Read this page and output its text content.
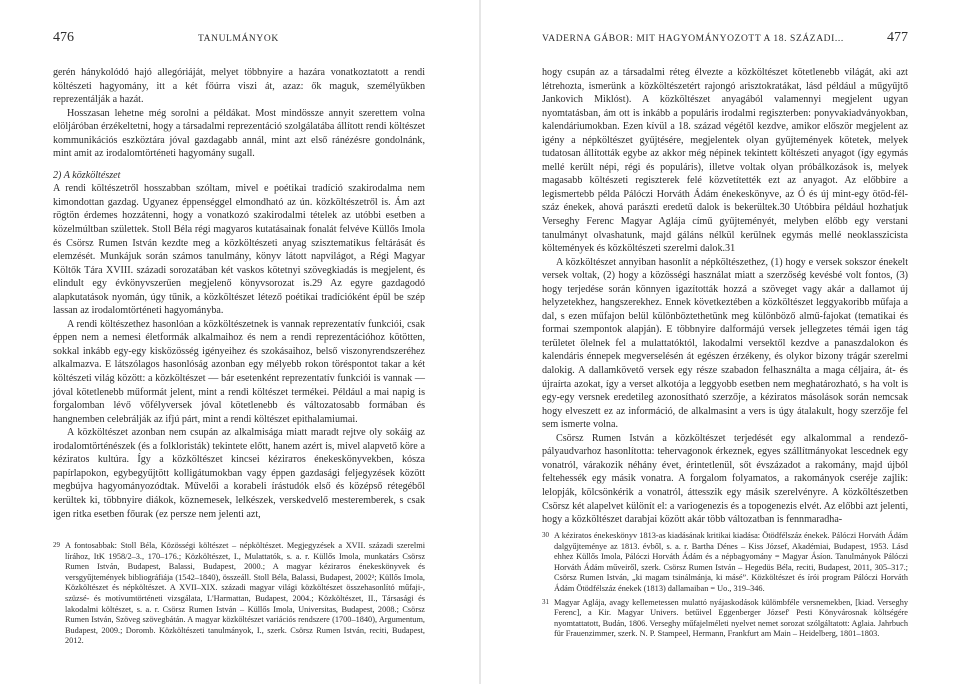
476	TANULMÁNYOK

gerén hánykolódó hajó allegóriáját, melyet többnyire a hazára vonatkoztatott a rendi költészeti hagyomány, itt a két főúrra viszi át, azaz: ők maguk, személyükben reprezentálják a hazát.

Hosszasan lehetne még sorolni a példákat. Most mindössze annyit szerettem volna elöljáróban érzékeltetni, hogy a társadalmi reprezentáció szolgálatába állított rendi költészet kommunikációs eszköztára jóval gazdagabb annál, mint azt első ránézésre gondolnánk, mint amit az irodalomtörténeti hagyomány sugall.

2) A közköltészet

A rendi költészetről hosszabban szóltam, mivel e poétikai tradíció szakirodalma nem kimondottan gazdag. Ugyanez éppenséggel elmondható az ún. közköltészetről is. Ám azt rögtön érdemes hozzátenni, hogy a vonatkozó szakirodalmi tételek az utóbbi esetben a közelmúltban születtek. Stoll Béla régi magyaros kutatásainak fonalát felvéve Küllős Imola és Csörsz Rumen István kezdte meg a közköltészeti anyag szisztematikus feltárását és elemzését. Munkájuk során számos tanulmány, könyv látott napvilágot, a Régi Magyar Költők Tára XVIII. századi sorozatában két vaskos kötetnyi szövegkiadás is megjelent, és elindult egy évkönyvszerűen megjelenő könyvsorozat is.29 Az egyre gazdagodó alapkutatások nyomán, úgy tűnik, a közköltészet létező poétikai tradícióként épül be szép lassan az irodalomtörténeti hagyományba.

A rendi költészethez hasonlóan a közköltészetnek is vannak reprezentatív funkciói, csak éppen nem a nemesi életformák alkalmaihoz és nem a rendi reprezentációhoz kötötten, sokkal inkább egy-egy kisközösség igényeihez és szokásaihoz, belső viszonyrendszeréhez alkalmazva. E látszólagos hasonlóság azonban egy mélyebb rokon töréspontot takar a két költészeti világ között: a közköltészet — bár esetenként reprezentatív funkciói is vannak — jóval kötetlenebb műformát jelent, mint a rendi költészet termékei. Például a mai napig is forgalomban lévő vőfélyversek jóval kötetlenebb és változatosabb formában és hangnemben celebrálják az ifjú párt, mint a rendi költészet epithalamiumai.

A közköltészet azonban nem csupán az alkalmisága miatt maradt rejtve oly sokáig az irodalomtörténészek (és a folkloristák) tekintete előtt, hanem azért is, mivel alapvető köre a kéziratos kultúra. Így a közköltészet kincsei kézirатos énekeskönyvekben, kósza papírlapokon, egybegyűjtött kolligátumokban vagy éppen gazdasági feljegyzések között megbújva hagyományozódtak. Művelői a korabeli írástudók első és középső rétegéből kerültek ki, többnyire diákok, köznemesek, lelkészek, verskedvelő mesteremberek, s csak igen ritka esetben főurak (ez persze nem jelenti azt,

29 A fontosabbak: Stoll Béla, Közösségi költészet – népköltészet. Megjegyzések a XVII. századi szerelmi lírához, ItK 1958/2–3., 170–176.; Közköltészet, I., Mulattatók, s. a. r. Küllős Imola, munkatárs Csörsz Rumen István, Budapest, Balassi, Budapest, 2000.; A magyar kézirатos énekeskönyvek és versgyűjtemények bibliográfiája (1542–1840), összeáll. Stoll Béla, Balassi, Budapest, 2002²; Küllős Imola, Közköltészet és népköltészet. A XVII–XIX. századi magyar világi közköltészet összehasonlító műfaji-, szüzsé- és motívumtörténeti vizsgálata, L'Harmattan, Budapest, 2004.; Közköltészet, II., Társasági és lakodalmi költészet, s. a. r. Csörsz Rumen István – Küllős Imola, Universitas, Budapest, 2008.; Csörsz Rumen István, Szöveg szövegbátán. A magyar közköltészet variációs rendszere (1700–1840), Argumentum, Budapest, 2009.; Doromb. Közköltészeti tanulmányok, I., szerk. Csörsz Rumen István, reciti, Budapest, 2012.

VADERNA GÁBOR: MIT HAGYOMÁNYOZOTT A 18. SZÁZADI...	477

hogy csupán az a társadalmi réteg élvezte a közköltészet kötetlenebb világát, aki azt létrehozta, ismerünk a közköltészetért rajongó arisztokratákat, lásd például a műgyűjtő Jankovich Miklóst). A közköltészet anyagából valamennyi megjelent ugyan nyomtatásban, ám ott is inkább a populáris irodalmi regiszterben: ponyvakiadványokban, kalendáriumokban. Ezen kívül a 18. század végétől kezdve, amikor először megjelent az igény a népköltészet gyűjtésére, megjelentek olyan gyűjtemények kötetek, melyek tudatosan állították egybe az akkor még népinek tekintett költészeti anyagot (így egymás mellé került népi, régi és populáris), illetve voltak olyan próbálkozások is, melyek magasabb költészeti regiszterek felé közvetítették ezt az anyagot. Az előbbire a legismertebb példa Pálóczi Horváth Ádám énekeskönyve, az Ó és új mint-egy ötöd-fél-száz énekek, ahová parászti eredetű dalok is bekerültek.30 Utóbbira például hozhatjuk Verseghy Ferenc Magyar Aglája című gyűjteményét, melyben előbb egy verstani tanulmányt olvashatunk, majd gáláns nélkül kerülnek egymás mellé neoklasszicista költemények és közköltészeti szerelmi dalok.31

A közköltészet annyiban hasonlít a népköltészethez, (1) hogy e versek sokszor énekelt versek voltak, (2) hogy a közösségi használat miatt a szerzőség kevésbé volt fontos, (3) hogy terjedése során könnyen igazították hozzá a szöveget vagy akár a dallamot új helyzetekhez, hangszerekhez. Ennek következtében a közköltészet leggyakoribb műfaja a dal, s ezen műfajon belül különböztethetünk meg különböző almű-fajokat (tematikai és formai szempontok alapján). E többnyire dalformájú versek jellegzetes témái igen tág területet ölelnek fel a mulattatóktól, lakodalmi versektől kezdve a panaszdalokon és kalendáris énnepek megverselésén át egészen érzékeny, és olykor bizony trágár szerelmi dalokig. A dallamkövető versek egy része szabadon felhasználta a maga céljaira, át- és újraírta azokat, így a verset alkotója a leggyobb esetben nem meghatározható, s ha volt is egy-egy versnek eredetileg azonosítható szerzője, a kéziratos másolások során nemcsak hogy elveszett ez az információ, de alkalmasint a vers is úgy átalakult, hogy szerzője fel sem ismerte volna.

Csörsz Rumen István a közköltészet terjedését egy alkalommal a rendező-pályaudvarhoz hasonlította: tehervagonok érkeznek, egyes szállítmányokat lescednek egy vonatról, várakozik néhány évet, érintetlenül, sőt évszázadot a rakomány, majd újból feltehessék egy másik vonatra. A forgalom folyamatos, a rakományok cseréje zajlik: lelopják, kölcsönkérik a vonatról, áttesszik egy másik szerelvényre. A közköltészetben Csörsz két alapelvet különít el: a variogenezis és a topogenezis elvét. Az előbbi azt jelenti, hogy a közköltészet darabjai között akár több változatban is fennmaradha-

30 A kéziratos énekeskönyv 1813-as kiadásának kritikai kiadása: Ötödfélszáz énekek. Pálóczi Horváth Ádám dalgyűjteménye az 1813. évből, s. a. r. Bartha Dénes – Kiss József, Akadémiai, Budapest, 1953. Lásd ehhez Küllős Imola, Pálóczi Horváth Ádám és a népbagyomány = Magyar Ásíon. Tanulmányok Pálóczi Horváth Ádám műveiről, szerk. Csörsz Rumen István – Hegedüs Béla, reciti, Budapest, 2011, 305–317.; Csörsz Rumen István, „ki magam tsinálmánja, ki másé”. Közköltészet és írói program Pálóczi Horváth Ádám Ötödfélszáz énekek (1813) dallamaiban = Uo., 319–346.

31 Magyar Aglája, avagy kellemetessen mulattó nyájaskodások külömbféle versnemekben, [kiad. Verseghy Ferenc], a Kir. Magyar Univers. betűivel Eggenberger József' Pesti Könyvárosnak költségére nyomtattatott, Budán, 1806. Verseghy műfajelméleti nyelvet nemet sorozat szólgáltatott: Aglaia. Jahrbuch für Frauenzimmer, szerk. N. P. Stampeel, Hermann, Frankfurt am Main – Heidelberg, 1801–1803.
